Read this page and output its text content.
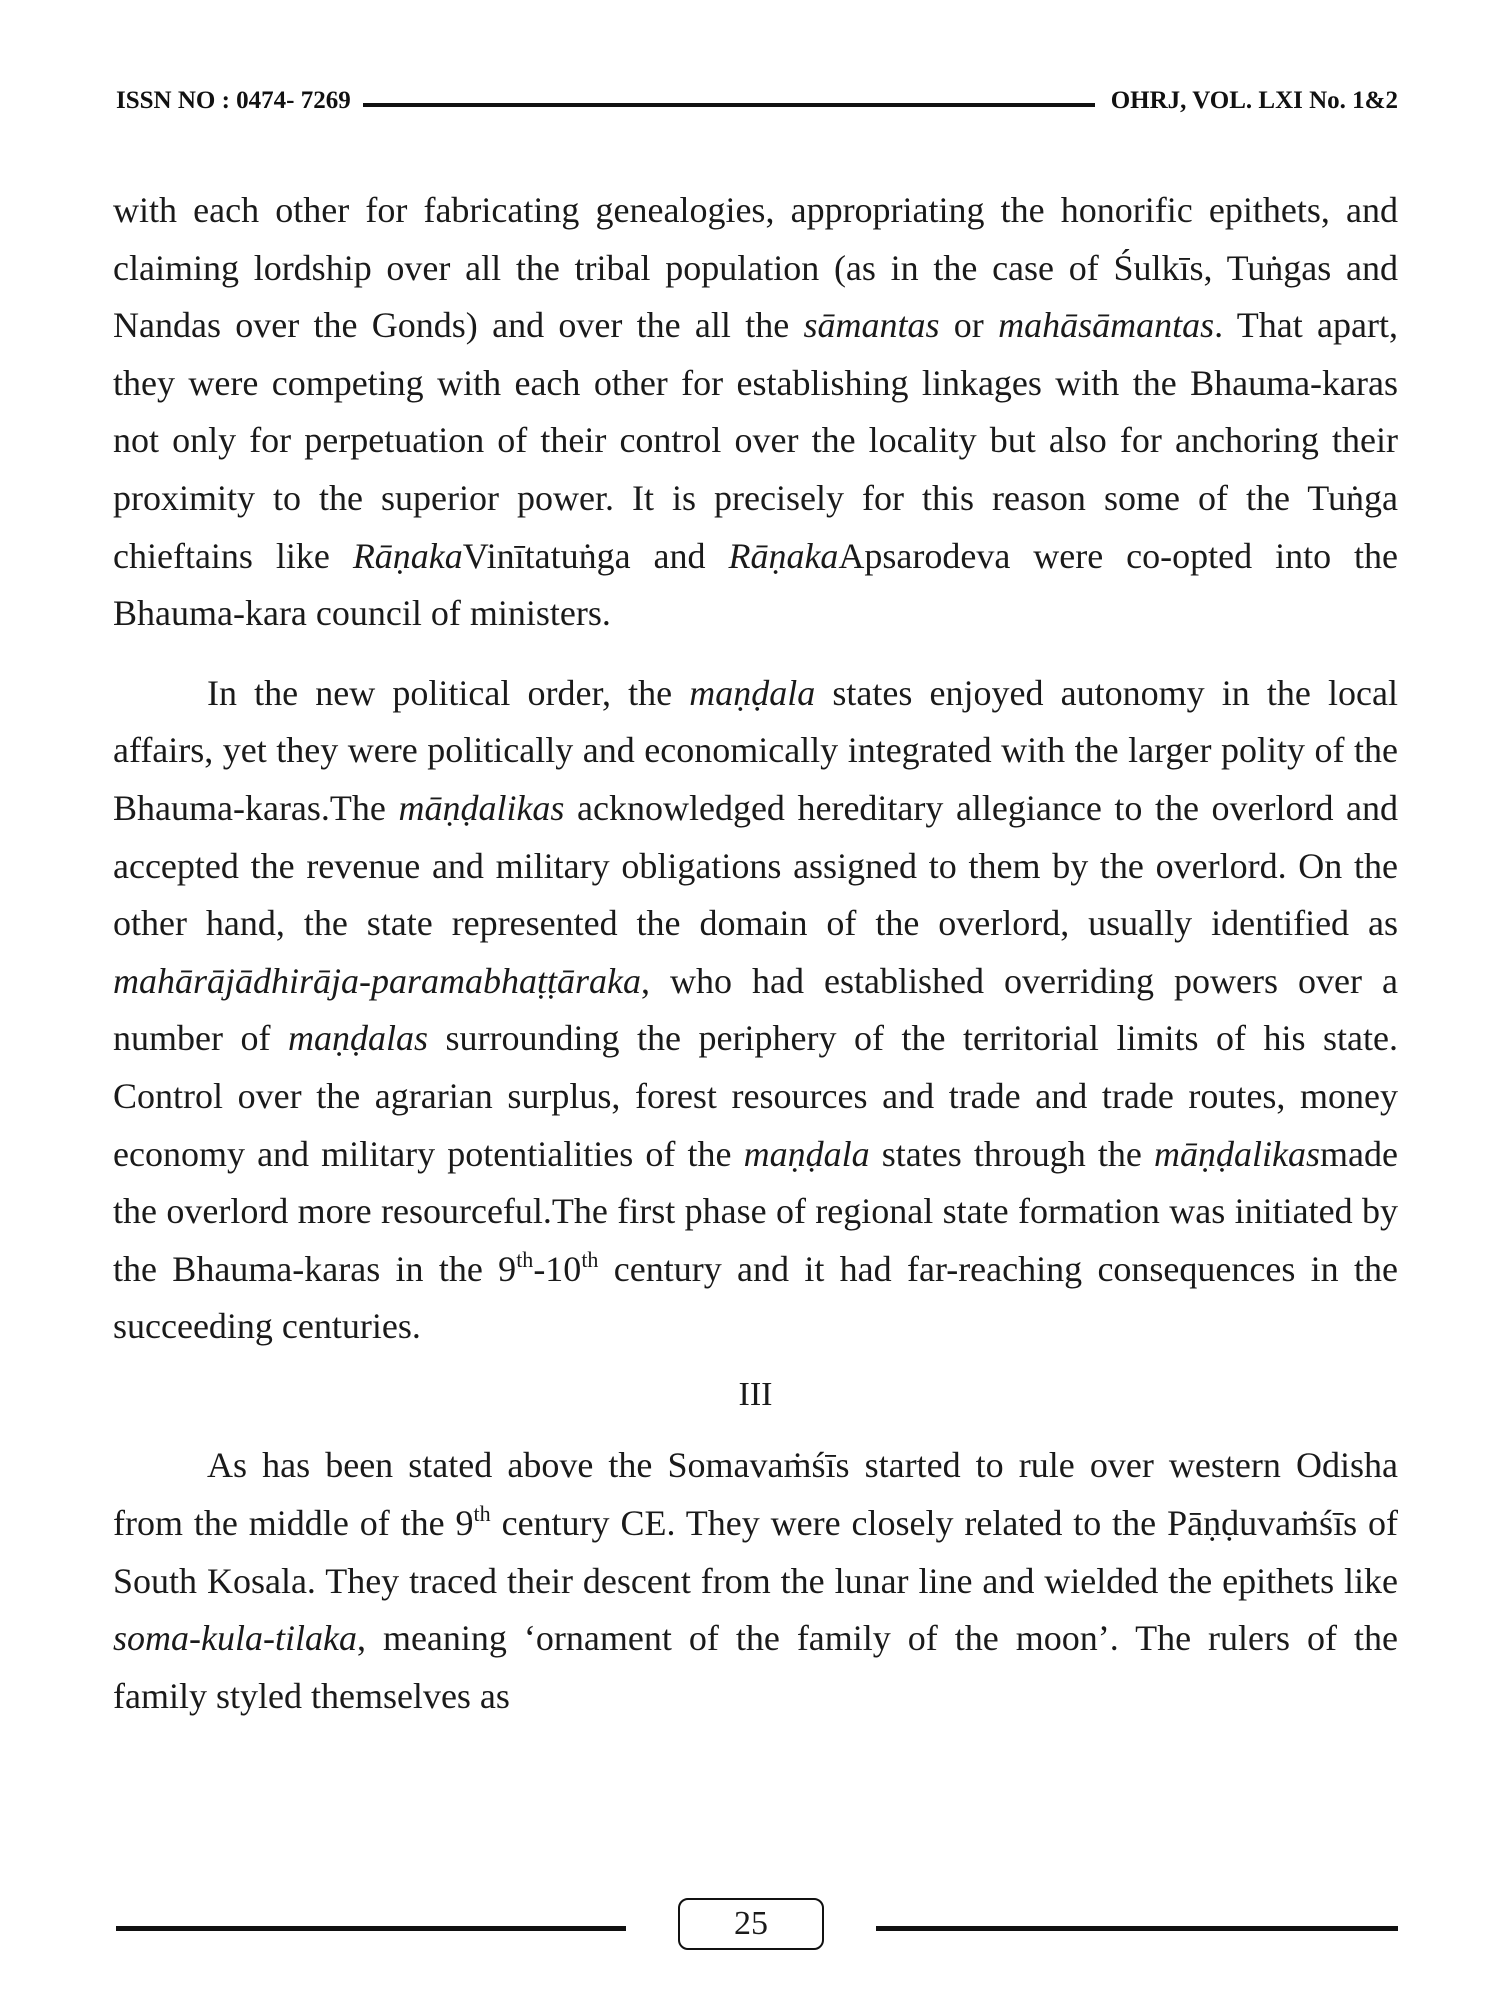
ISSN NO : 0474- 7269	OHRJ, VOL. LXI No. 1&2

with each other for fabricating genealogies, appropriating the honorific epithets, and claiming lordship over all the tribal population (as in the case of Śulkīs, Tuṅgas and Nandas over the Gonds) and over the all the sāmantas or mahāsāmantas. That apart, they were competing with each other for establishing linkages with the Bhauma-karas not only for perpetuation of their control over the locality but also for anchoring their proximity to the superior power. It is precisely for this reason some of the Tuṅga chieftains like RāṇakaVinītatuṅga and RāṇakaApsarodeva were co-opted into the Bhauma-kara council of ministers.

In the new political order, the maṇḍala states enjoyed autonomy in the local affairs, yet they were politically and economically integrated with the larger polity of the Bhauma-karas.The māṇḍalikas acknowledged hereditary allegiance to the overlord and accepted the revenue and military obligations assigned to them by the overlord. On the other hand, the state represented the domain of the overlord, usually identified as mahārājādhirāja-paramabhaṭṭāraka, who had established overriding powers over a number of maṇḍalas surrounding the periphery of the territorial limits of his state. Control over the agrarian surplus, forest resources and trade and trade routes, money economy and military potentialities of the maṇḍala states through the māṇḍalikasmade the overlord more resourceful.The first phase of regional state formation was initiated by the Bhauma-karas in the 9th-10th century and it had far-reaching consequences in the succeeding centuries.

III

As has been stated above the Somavaṁśīs started to rule over western Odisha from the middle of the 9th century CE. They were closely related to the Pāṇḍuvaṁśīs of South Kosala. They traced their descent from the lunar line and wielded the epithets like soma-kula-tilaka, meaning ‘ornament of the family of the moon’. The rulers of the family styled themselves as

25
